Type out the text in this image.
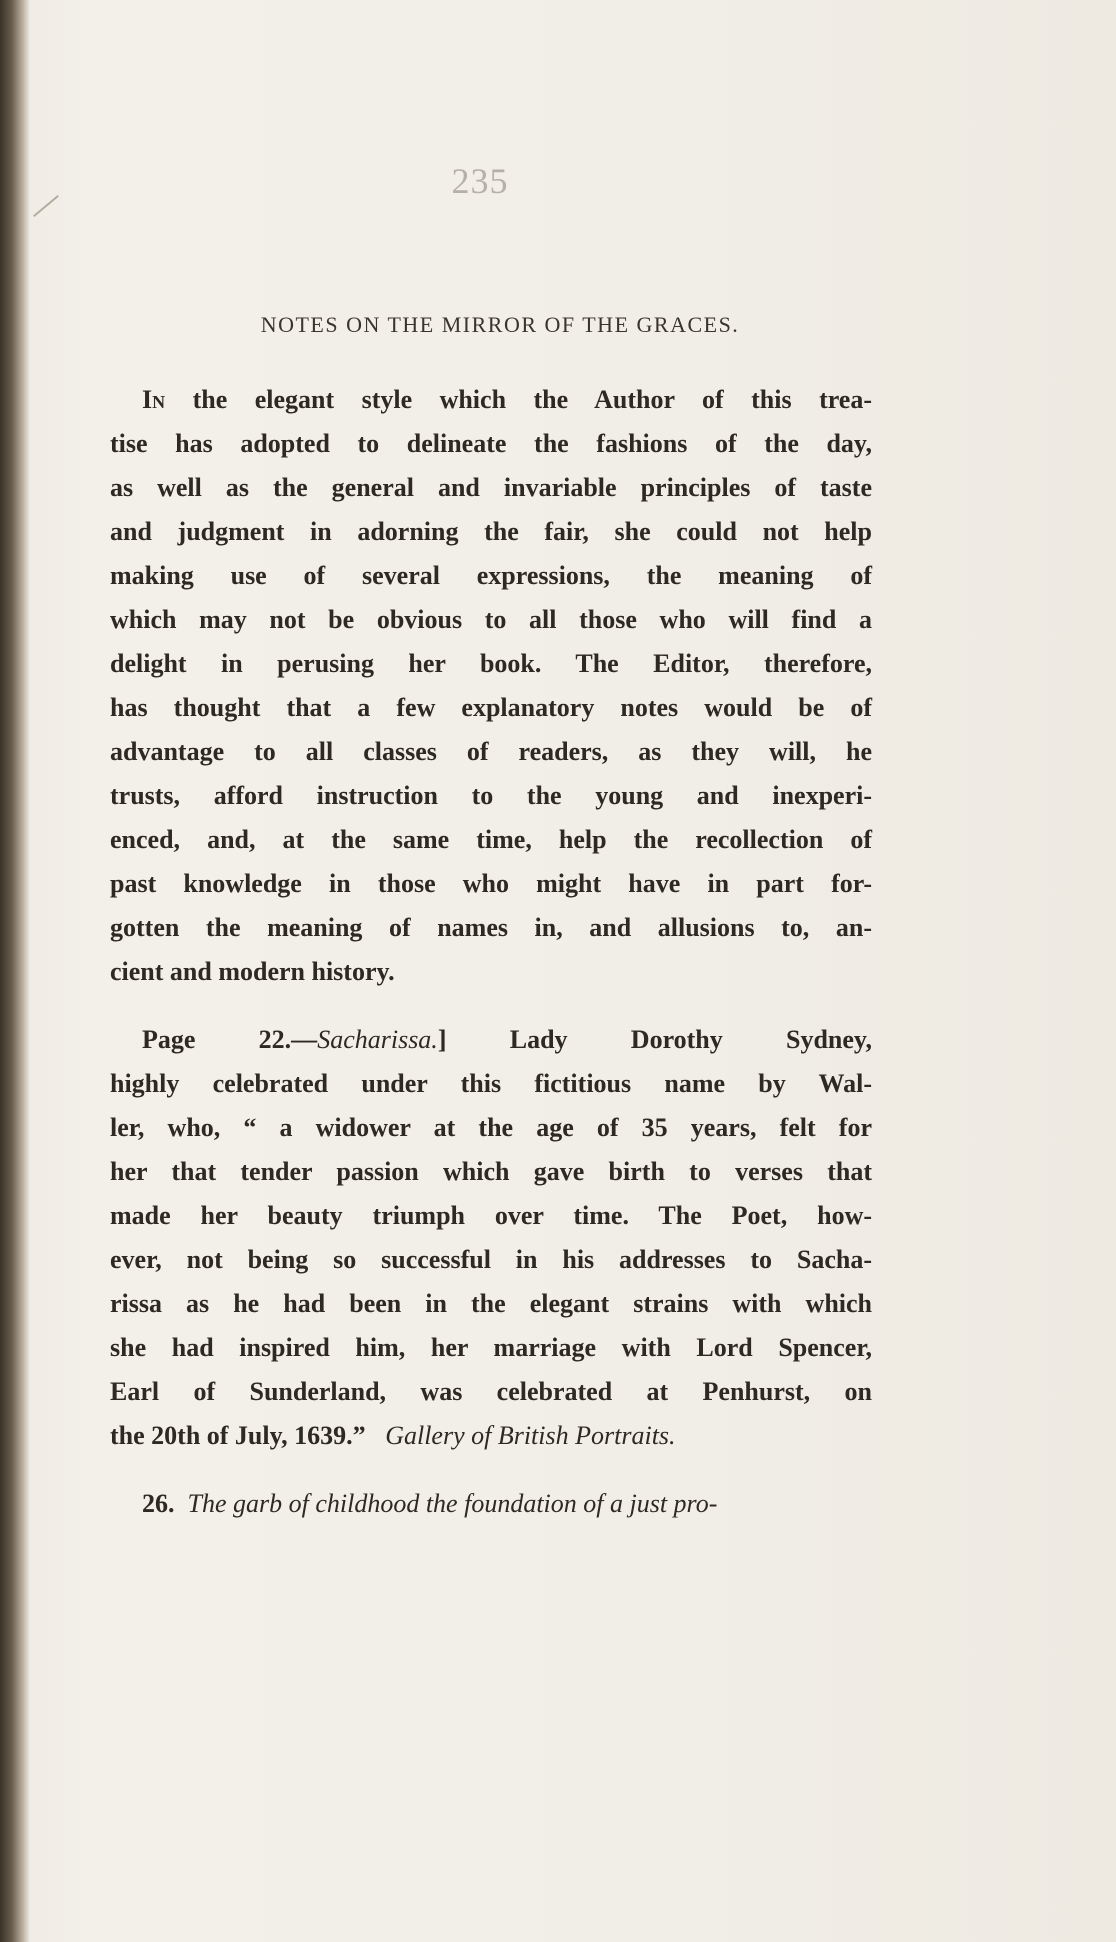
235
NOTES ON THE MIRROR OF THE GRACES.
In the elegant style which the Author of this trea-
tise has adopted to delineate the fashions of the day,
as well as the general and invariable principles of taste
and judgment in adorning the fair, she could not help
making use of several expressions, the meaning of
which may not be obvious to all those who will find a
delight in perusing her book. The Editor, therefore,
has thought that a few explanatory notes would be of
advantage to all classes of readers, as they will, he
trusts, afford instruction to the young and inexperi-
enced, and, at the same time, help the recollection of
past knowledge in those who might have in part for-
gotten the meaning of names in, and allusions to, an-
cient and modern history.
Page 22.—Sacharissa.] Lady Dorothy Sydney,
highly celebrated under this fictitious name by Wal-
ler, who, “ a widower at the age of 35 years, felt for
her that tender passion which gave birth to verses that
made her beauty triumph over time. The Poet, how-
ever, not being so successful in his addresses to Sacha-
rissa as he had been in the elegant strains with which
she had inspired him, her marriage with Lord Spencer,
Earl of Sunderland, was celebrated at Penhurst, on
the 20th of July, 1639.” Gallery of British Portraits.
26. The garb of childhood the foundation of a just pro-
